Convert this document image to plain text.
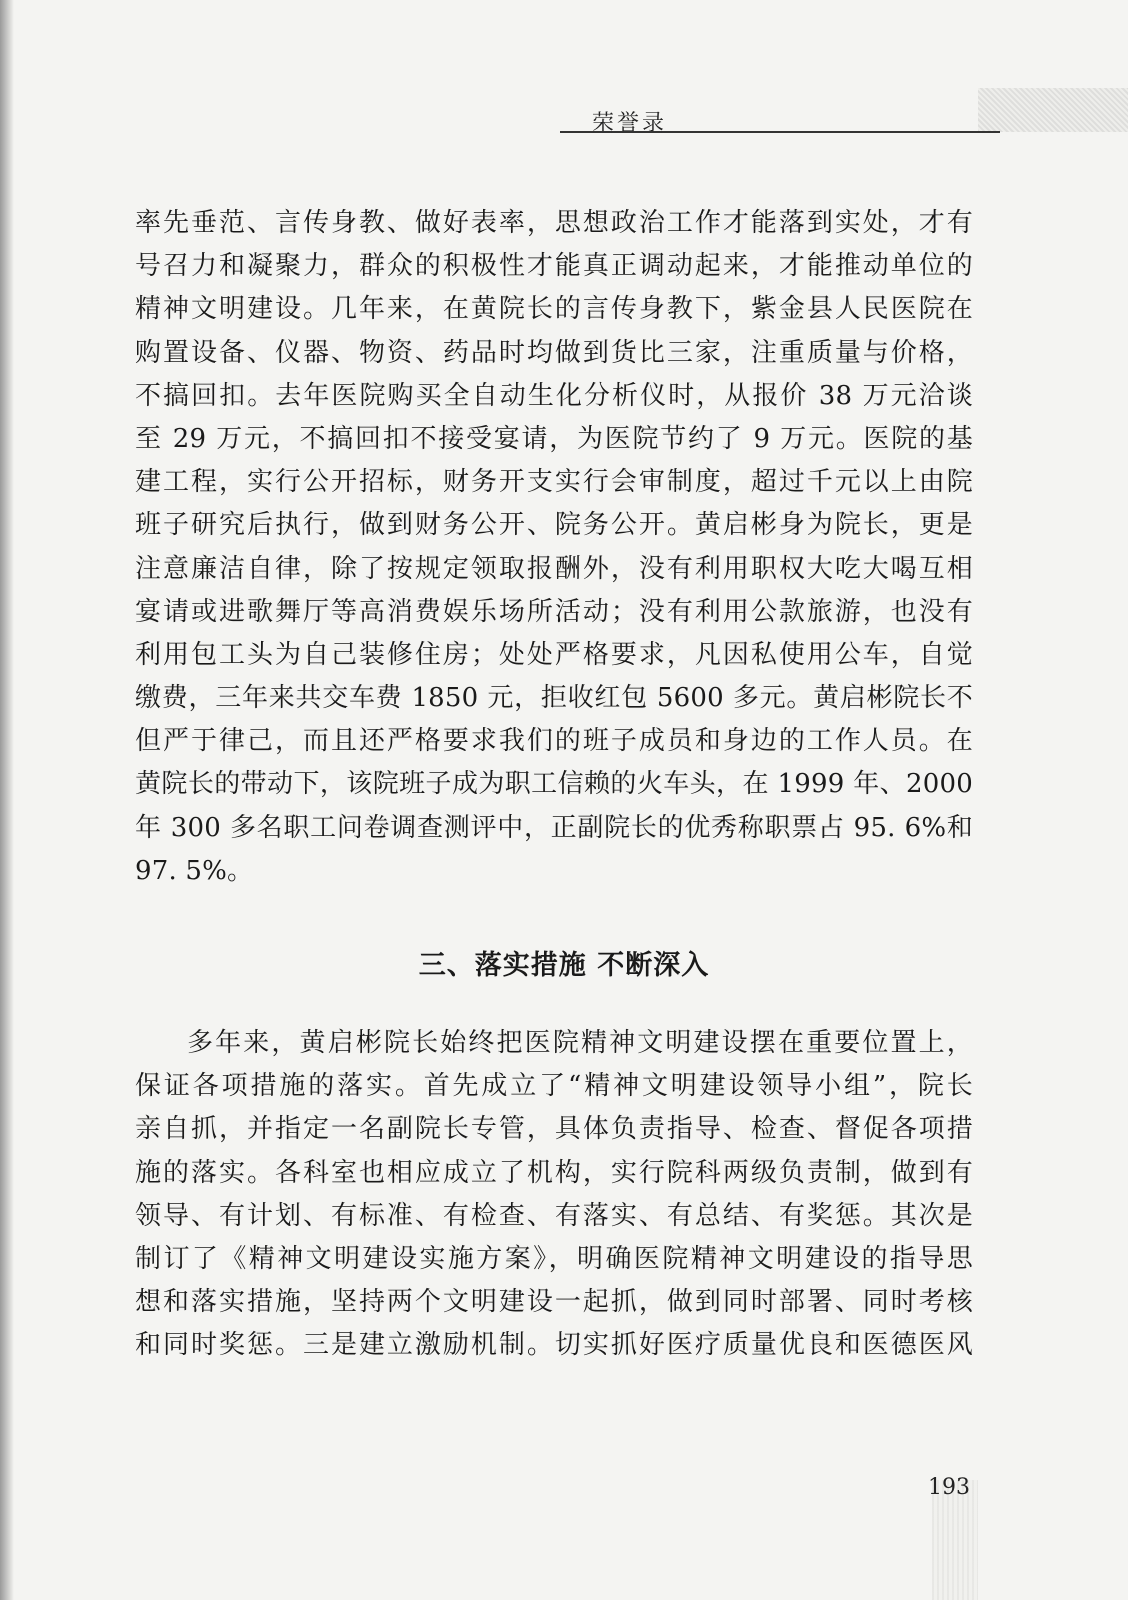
荣誉录
率先垂范、言传身教、做好表率，思想政治工作才能落到实处，才有
号召力和凝聚力，群众的积极性才能真正调动起来，才能推动单位的
精神文明建设。几年来，在黄院长的言传身教下，紫金县人民医院在
购置设备、仪器、物资、药品时均做到货比三家，注重质量与价格，
不搞回扣。去年医院购买全自动生化分析仪时，从报价 38 万元洽谈
至 29 万元，不搞回扣不接受宴请，为医院节约了 9 万元。医院的基
建工程，实行公开招标，财务开支实行会审制度，超过千元以上由院
班子研究后执行，做到财务公开、院务公开。黄启彬身为院长，更是
注意廉洁自律，除了按规定领取报酬外，没有利用职权大吃大喝互相
宴请或进歌舞厅等高消费娱乐场所活动；没有利用公款旅游，也没有
利用包工头为自己装修住房；处处严格要求，凡因私使用公车，自觉
缴费，三年来共交车费 1850 元，拒收红包 5600 多元。黄启彬院长不
但严于律己，而且还严格要求我们的班子成员和身边的工作人员。在
黄院长的带动下，该院班子成为职工信赖的火车头，在 1999 年、2000
年 300 多名职工问卷调查测评中，正副院长的优秀称职票占 95. 6%和
97. 5%。
三、落实措施 不断深入
多年来，黄启彬院长始终把医院精神文明建设摆在重要位置上，
保证各项措施的落实。首先成立了“精神文明建设领导小组”，院长
亲自抓，并指定一名副院长专管，具体负责指导、检查、督促各项措
施的落实。各科室也相应成立了机构，实行院科两级负责制，做到有
领导、有计划、有标准、有检查、有落实、有总结、有奖惩。其次是
制订了《精神文明建设实施方案》，明确医院精神文明建设的指导思
想和落实措施，坚持两个文明建设一起抓，做到同时部署、同时考核
和同时奖惩。三是建立激励机制。切实抓好医疗质量优良和医德医风
193
